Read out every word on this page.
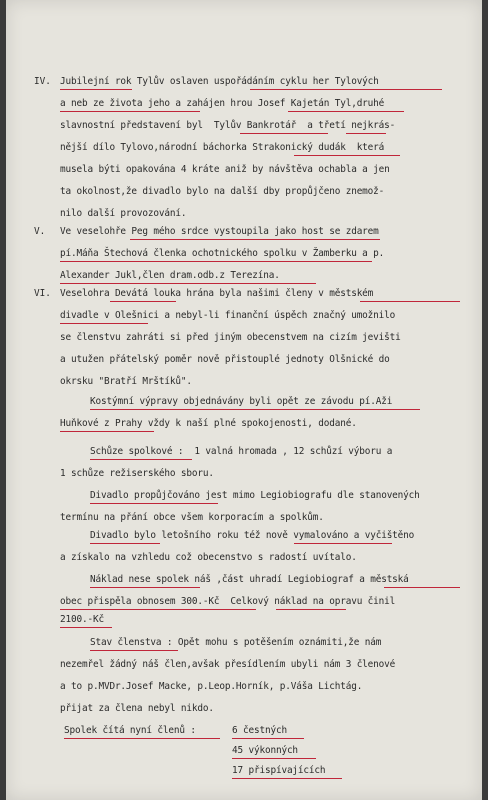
IV. Jubilejní rok Tylův oslaven uspořádáním cyklu her Tylových
a neb ze života jeho a zahájen hrou Josef Kajetán Tyl,druhé
slavnostní představení byl  Tylův Bankrotář  a třetí nejkrás-
nější dílo Tylovo,národní báchorka Strakonický dudák  která
musela býti opakována 4 kráte aniž by návštěva ochabla a jen
ta okolnost,že divadlo bylo na další dby propůjčeno znemož-
nilo další provozování.
V. Ve veselohře Peg mého srdce vystoupila jako host se zdarem
pí.Máňa Štechová členka ochotnického spolku v Žamberku a p.
Alexander Jukl,člen dram.odb.z Terezína.
VI. Veselohra Devátá louka hrána byla našimi členy v městském
divadle v Olešnici a nebyl-li finanční úspěch značný umožnilo
se členstvu zahráti si před jiným obecenstvem na cizím jevišti
a utužen přátelský poměr nově přistouplé jednoty Olšnické do
okrsku "Bratří Mrštíků".
Kostýmní výpravy objednávány byli opět ze závodu pí.Aži
Huňkové z Prahy vždy k naší plné spokojenosti, dodané.
Schůze spolkové :  1 valná hromada , 12 schůzí výboru a
1 schůze režiserského sboru.
Divadlo propůjčováno jest mimo Legiobiografu dle stanovených
termínu na přání obce všem korporacím a spolkům.
Divadlo bylo letošního roku též nově vymalováno a vyčištěno
a získalo na vzhledu což obecenstvo s radostí uvítalo.
Náklad nese spolek náš ,část uhradí Legiobiograf a městská
obec přispěla obnosem 300.-Kč  Celkový náklad na opravu činil
2100.-Kč
Stav členstva : Opět mohu s potěšením oznámiti,že nám
nezemřel žádný náš člen,avšak přesídlením ubyli nám 3 členové
a to p.MVDr.Josef Macke, p.Leop.Horník, p.Váša Lichtág.
přijat za člena nebyl nikdo.
Spolek čítá nyní členů :	6 čestných
45 výkonných
17 přispívajících
